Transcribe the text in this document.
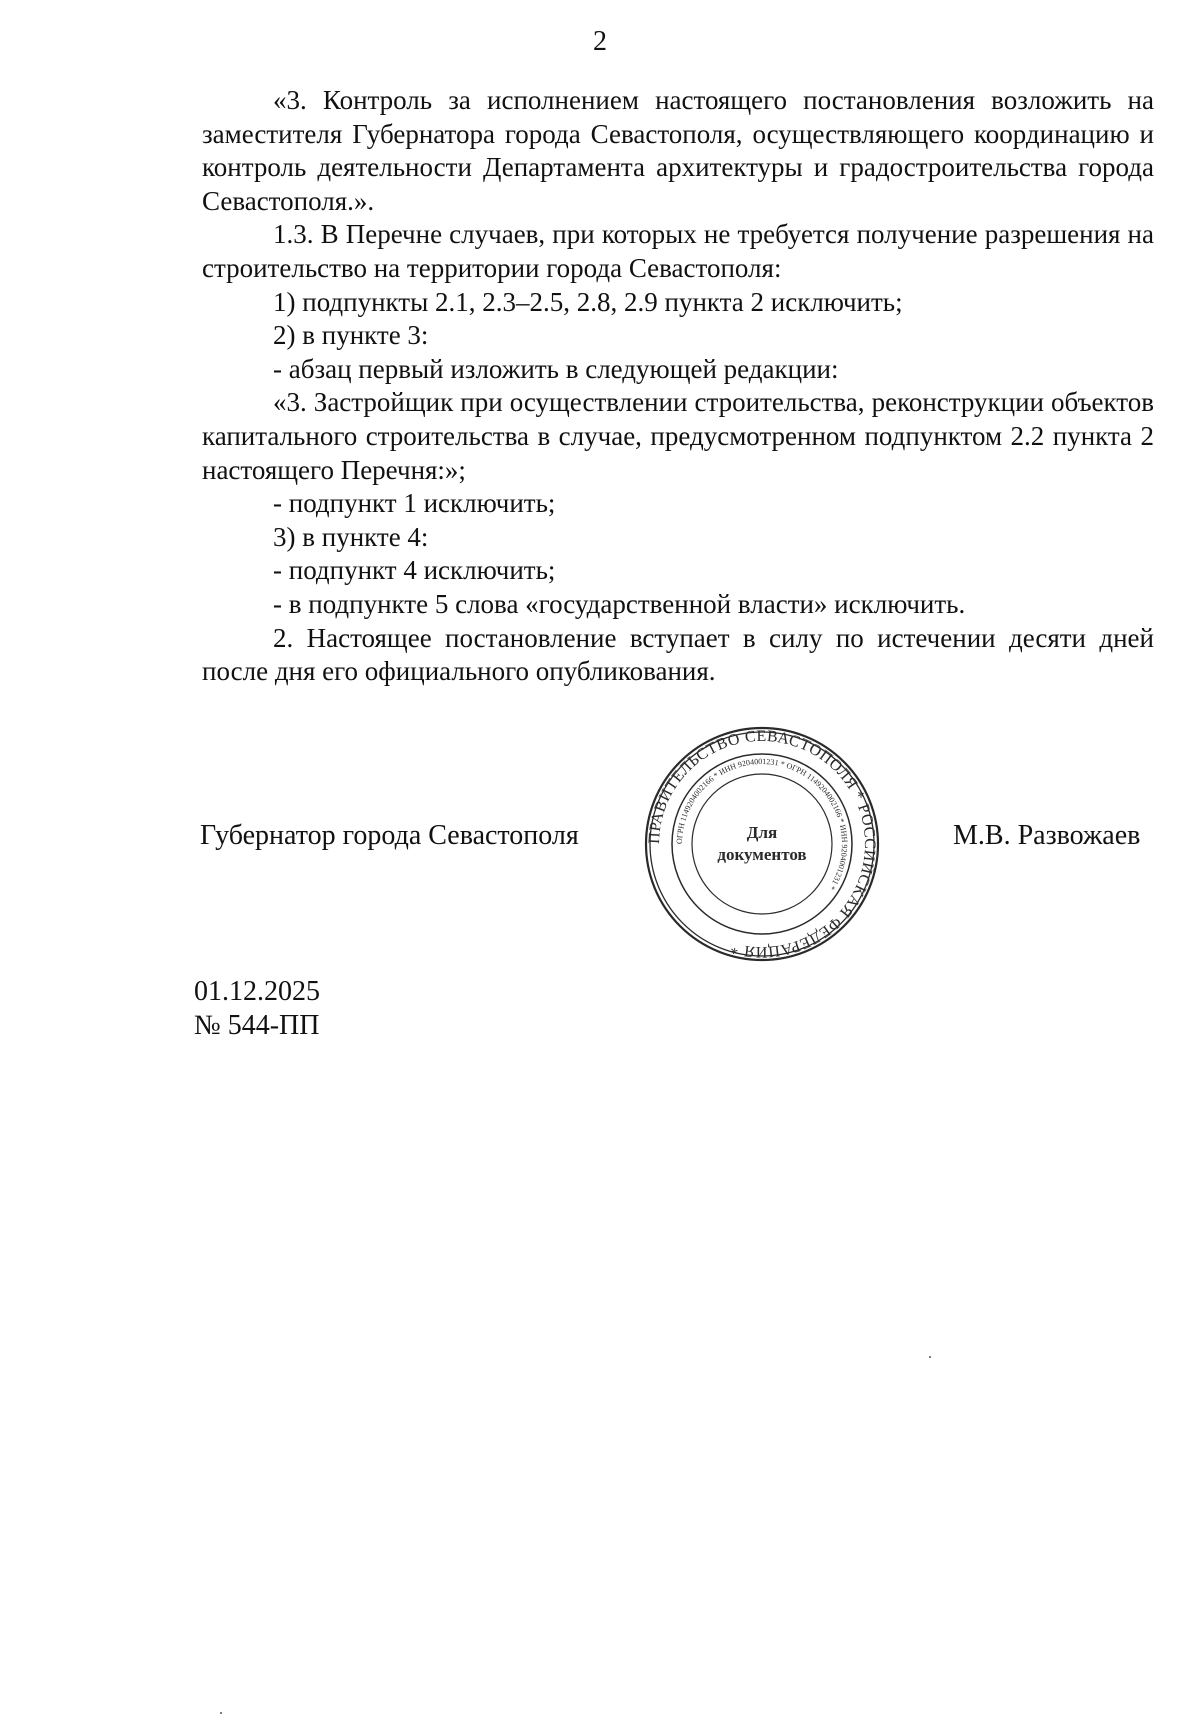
2

«3. Контроль за исполнением настоящего постановления возложить на заместителя Губернатора города Севастополя, осуществляющего координацию и контроль деятельности Департамента архитектуры и градостроительства города Севастополя.».

1.3. В Перечне случаев, при которых не требуется получение разрешения на строительство на территории города Севастополя:

1) подпункты 2.1, 2.3–2.5, 2.8, 2.9 пункта 2 исключить;

2) в пункте 3:

- абзац первый изложить в следующей редакции:

«3. Застройщик при осуществлении строительства, реконструкции объектов капитального строительства в случае, предусмотренном подпунктом 2.2 пункта 2 настоящего Перечня:»;

- подпункт 1 исключить;

3) в пункте 4:

- подпункт 4 исключить;

- в подпункте 5 слова «государственной власти» исключить.

2. Настоящее постановление вступает в силу по истечении десяти дней после дня его официального опубликования.

Губернатор города Севастополя	ПРАВИТЕЛЬСТВО СЕВАСТОПОЛЯ * РОССИЙСКАЯ ФЕДЕРАЦИЯ *
ОГРН 1149204002166 * ИНН 9204001231 * ОГРН 1149204002166 * ИНН 9204001231 *
Для
документов
М.В. Развожаев
01.12.2025
№ 544-ПП
